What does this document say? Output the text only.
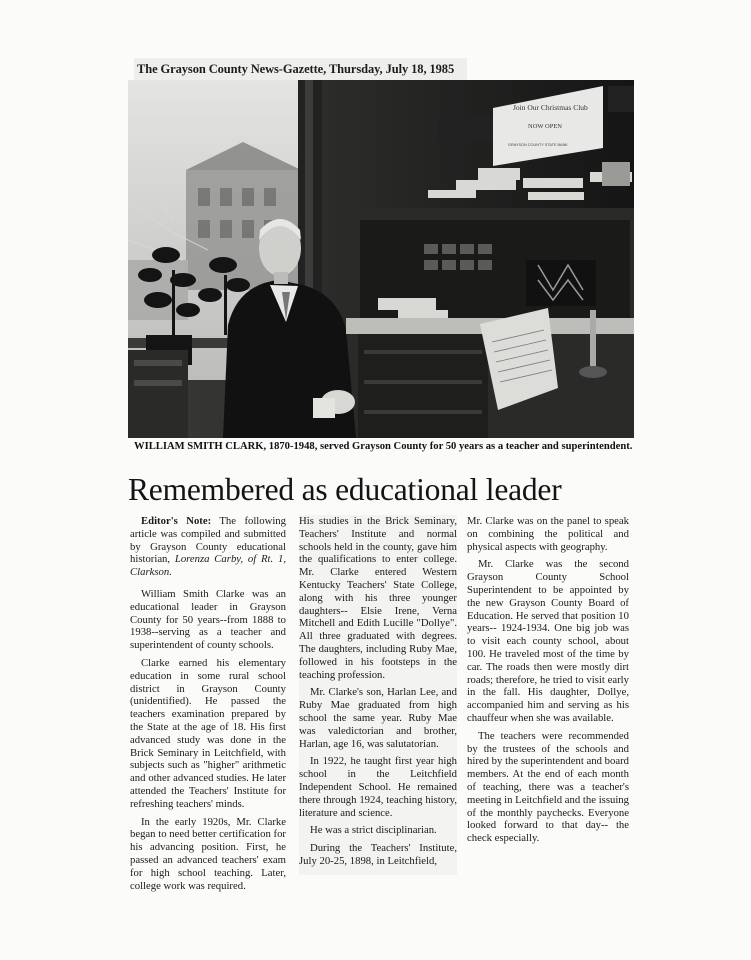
The Grayson County News-Gazette, Thursday, July 18, 1985
Join Our Christmas Club
NOW OPEN
GRAYSON COUNTY STATE BANK
WILLIAM SMITH CLARK, 1870-1948, served Grayson County for 50 years as a teacher and superintendent.
Remembered as educational leader

Editor's Note: The following article was compiled and submitted by Grayson County educational historian, Lorenza Carby, of Rt. 1, Clarkson.

William Smith Clarke was an educational leader in Grayson County for 50 years--from 1888 to 1938--serving as a teacher and superintendent of county schools.

Clarke earned his elementary education in some rural school district in Grayson County (unidentified). He passed the teachers examination prepared by the State at the age of 18. His first advanced study was done in the Brick Seminary in Leitchfield, with subjects such as "higher" arithmetic and other advanced studies. He later attended the Teachers' Institute for refreshing teachers' minds.

In the early 1920s, Mr. Clarke began to need better certification for his advancing position. First, he passed an advanced teachers' exam for high school teaching. Later, college work was required.

His studies in the Brick Seminary, Teachers' Institute and normal schools held in the county, gave him the qualifications to enter college. Mr. Clarke entered Western Kentucky Teachers' State College, along with his three younger daughters-- Elsie Irene, Verna Mitchell and Edith Lucille "Dollye". All three graduated with degrees. The daughters, including Ruby Mae, followed in his footsteps in the teaching profession.

Mr. Clarke's son, Harlan Lee, and Ruby Mae graduated from high school the same year. Ruby Mae was valedictorian and brother, Harlan, age 16, was salutatorian.

In 1922, he taught first year high school in the Leitchfield Independent School. He remained there through 1924, teaching history, literature and science.

He was a strict disciplinarian.

During the Teachers' Institute, July 20-25, 1898, in Leitchfield,

Mr. Clarke was on the panel to speak on combining the political and physical aspects with geography.

Mr. Clarke was the second Grayson County School Superintendent to be appointed by the new Grayson County Board of Education. He served that position 10 years-- 1924-1934. One big job was to visit each county school, about 100. He traveled most of the time by car. The roads then were mostly dirt roads; therefore, he tried to visit early in the fall. His daughter, Dollye, accompanied him and serving as his chauffeur when she was available.

The teachers were recommended by the trustees of the schools and hired by the superintendent and board members. At the end of each month of teaching, there was a teacher's meeting in Leitchfield and the issuing of the monthly paychecks. Everyone looked forward to that day-- the check especially.
